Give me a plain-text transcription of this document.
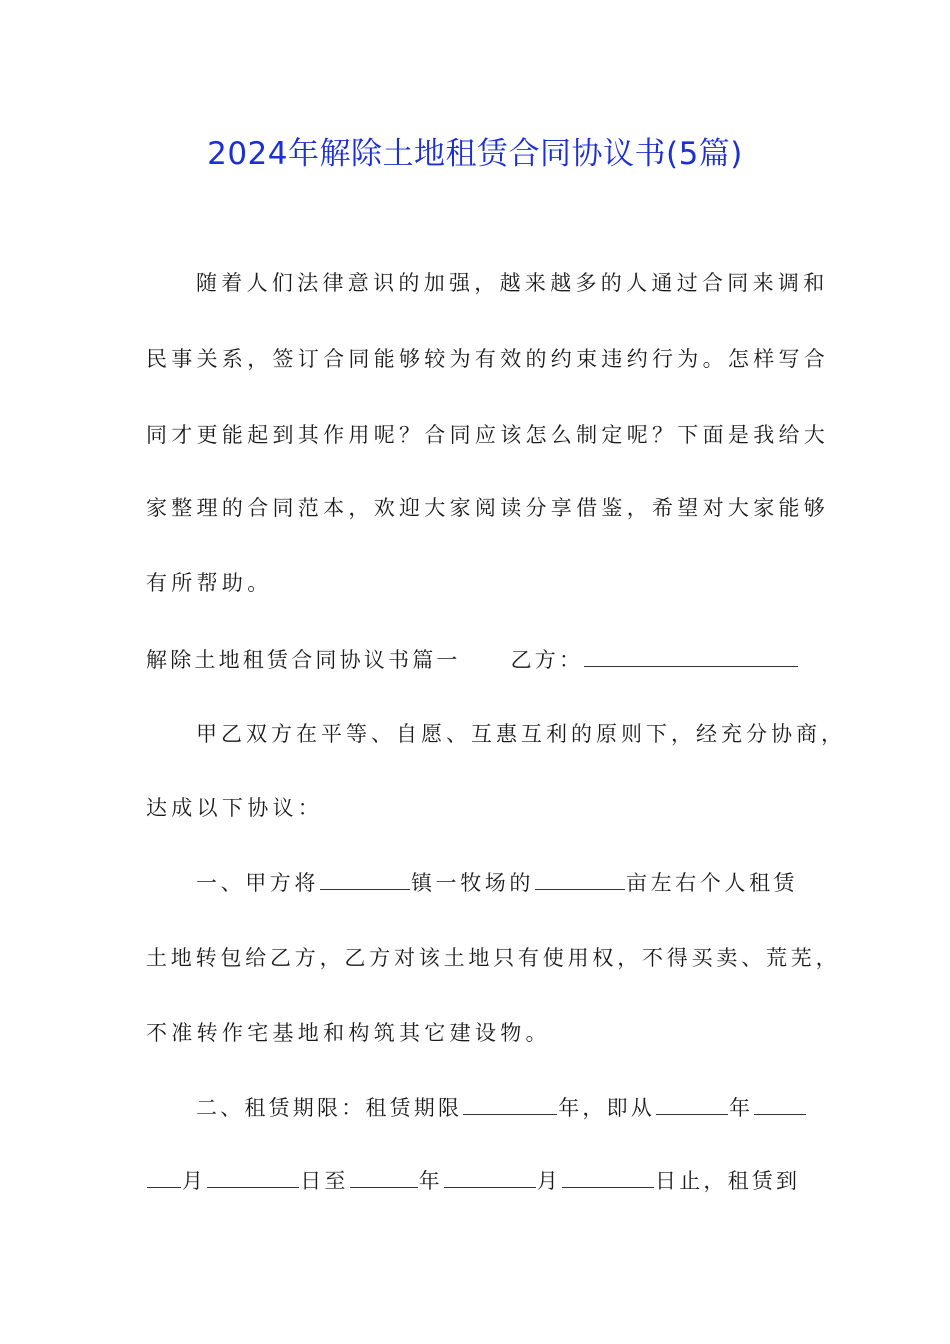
2024年解除土地租赁合同协议书(5篇)
随着人们法律意识的加强，越来越多的人通过合同来调和
民事关系，签订合同能够较为有效的约束违约行为。怎样写合
同才更能起到其作用呢？合同应该怎么制定呢？下面是我给大
家整理的合同范本，欢迎大家阅读分享借鉴，希望对大家能够
有所帮助。
解除土地租赁合同协议书篇一 乙方：
甲乙双方在平等、自愿、互惠互利的原则下，经充分协商，
达成以下协议：
一、甲方将	镇一牧场的	亩左右个人租赁
土地转包给乙方，乙方对该土地只有使用权，不得买卖、荒芜，
不准转作宅基地和构筑其它建设物。
二、租赁期限：租赁期限	年，即从	年
月	日至	年	月	日止，租赁到
